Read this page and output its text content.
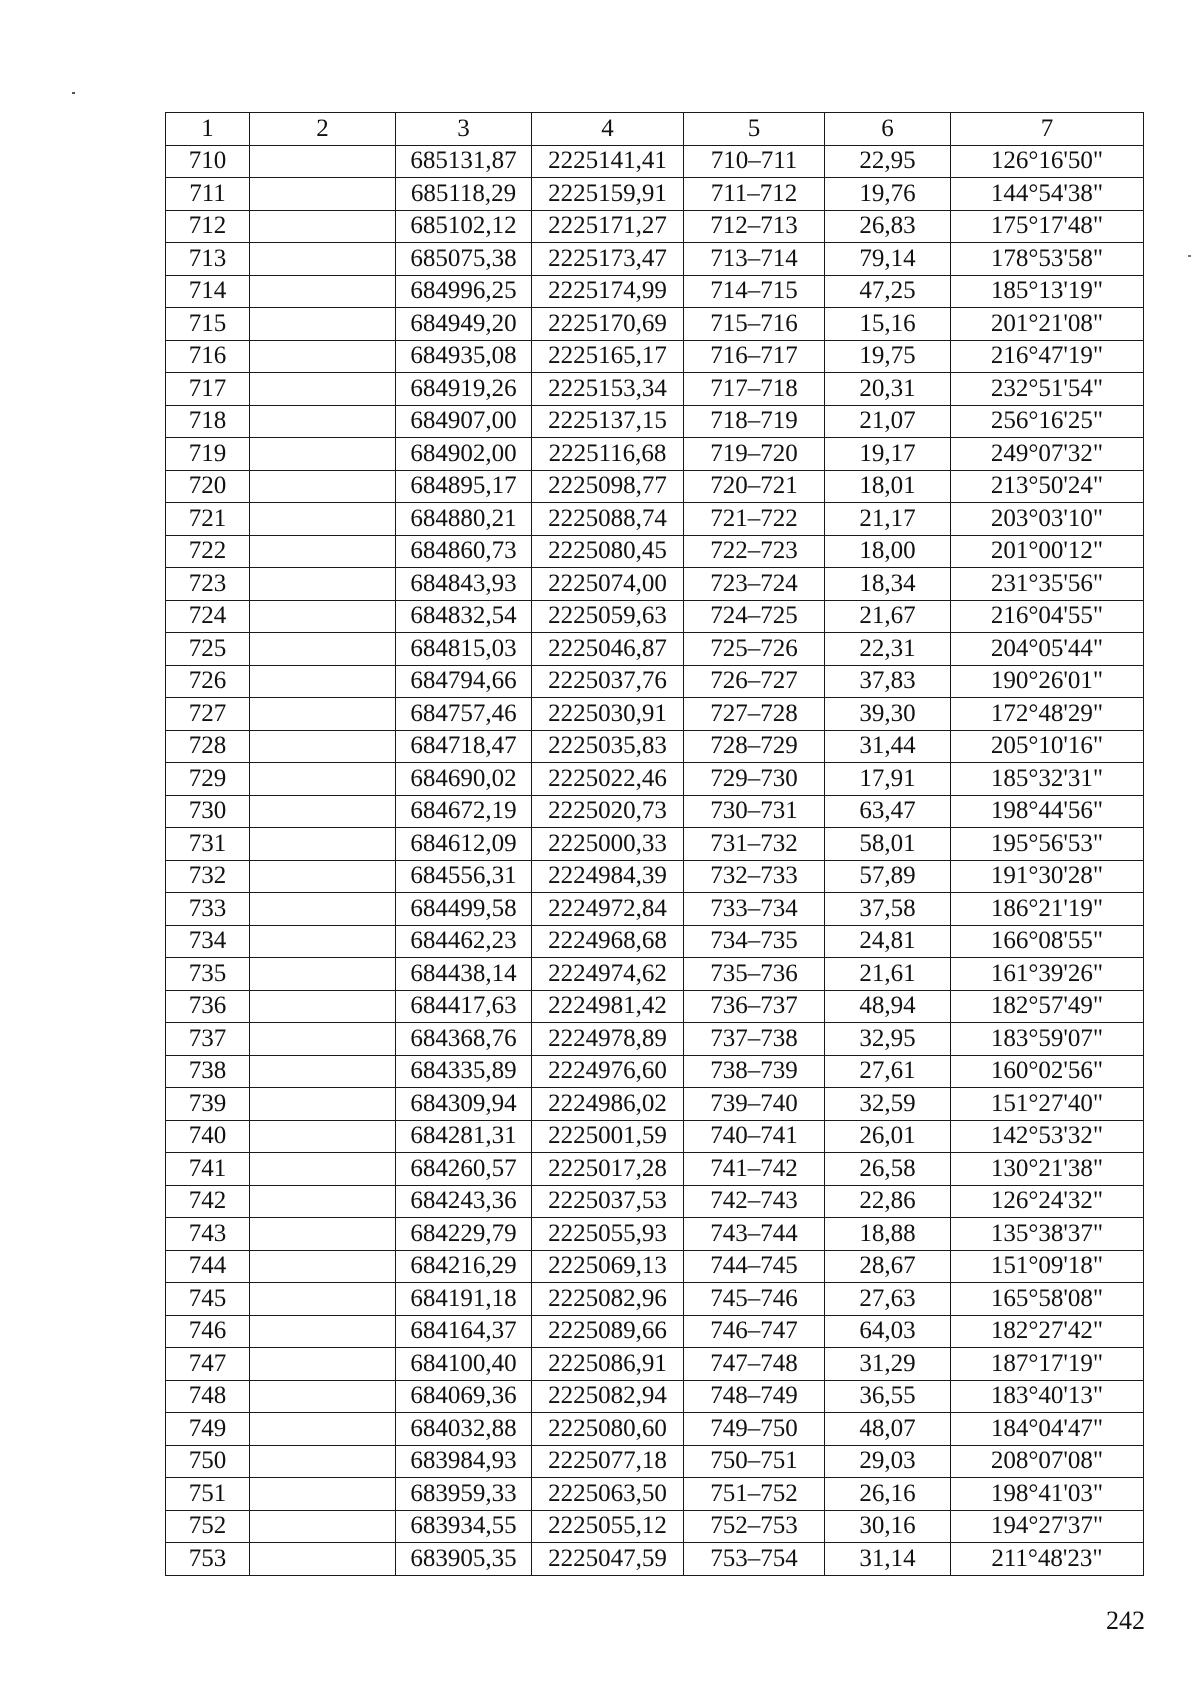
1	2	3	4	5	6	7
710		685131,87	2225141,41	710–711	22,95	126°16'50"
711		685118,29	2225159,91	711–712	19,76	144°54'38"
712		685102,12	2225171,27	712–713	26,83	175°17'48"
713		685075,38	2225173,47	713–714	79,14	178°53'58"
714		684996,25	2225174,99	714–715	47,25	185°13'19"
715		684949,20	2225170,69	715–716	15,16	201°21'08"
716		684935,08	2225165,17	716–717	19,75	216°47'19"
717		684919,26	2225153,34	717–718	20,31	232°51'54"
718		684907,00	2225137,15	718–719	21,07	256°16'25"
719		684902,00	2225116,68	719–720	19,17	249°07'32"
720		684895,17	2225098,77	720–721	18,01	213°50'24"
721		684880,21	2225088,74	721–722	21,17	203°03'10"
722		684860,73	2225080,45	722–723	18,00	201°00'12"
723		684843,93	2225074,00	723–724	18,34	231°35'56"
724		684832,54	2225059,63	724–725	21,67	216°04'55"
725		684815,03	2225046,87	725–726	22,31	204°05'44"
726		684794,66	2225037,76	726–727	37,83	190°26'01"
727		684757,46	2225030,91	727–728	39,30	172°48'29"
728		684718,47	2225035,83	728–729	31,44	205°10'16"
729		684690,02	2225022,46	729–730	17,91	185°32'31"
730		684672,19	2225020,73	730–731	63,47	198°44'56"
731		684612,09	2225000,33	731–732	58,01	195°56'53"
732		684556,31	2224984,39	732–733	57,89	191°30'28"
733		684499,58	2224972,84	733–734	37,58	186°21'19"
734		684462,23	2224968,68	734–735	24,81	166°08'55"
735		684438,14	2224974,62	735–736	21,61	161°39'26"
736		684417,63	2224981,42	736–737	48,94	182°57'49"
737		684368,76	2224978,89	737–738	32,95	183°59'07"
738		684335,89	2224976,60	738–739	27,61	160°02'56"
739		684309,94	2224986,02	739–740	32,59	151°27'40"
740		684281,31	2225001,59	740–741	26,01	142°53'32"
741		684260,57	2225017,28	741–742	26,58	130°21'38"
742		684243,36	2225037,53	742–743	22,86	126°24'32"
743		684229,79	2225055,93	743–744	18,88	135°38'37"
744		684216,29	2225069,13	744–745	28,67	151°09'18"
745		684191,18	2225082,96	745–746	27,63	165°58'08"
746		684164,37	2225089,66	746–747	64,03	182°27'42"
747		684100,40	2225086,91	747–748	31,29	187°17'19"
748		684069,36	2225082,94	748–749	36,55	183°40'13"
749		684032,88	2225080,60	749–750	48,07	184°04'47"
750		683984,93	2225077,18	750–751	29,03	208°07'08"
751		683959,33	2225063,50	751–752	26,16	198°41'03"
752		683934,55	2225055,12	752–753	30,16	194°27'37"
753		683905,35	2225047,59	753–754	31,14	211°48'23"
242
